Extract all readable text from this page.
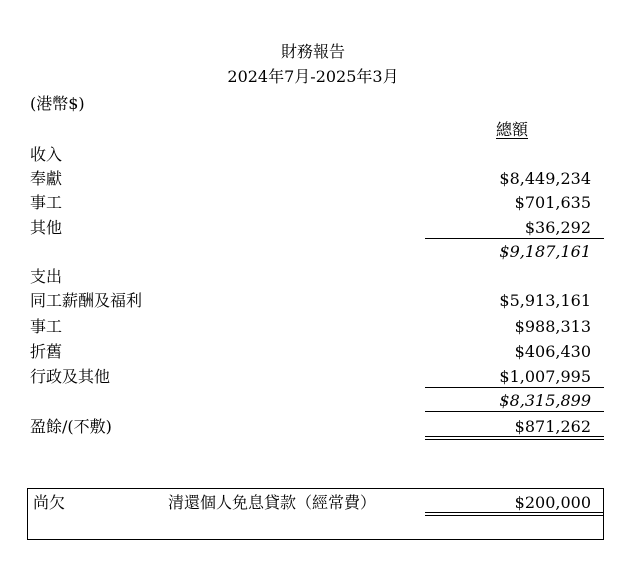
財務報告
2024年7月-2025年3月
(港幣$)
總額
收入
奉獻	$8,449,234
事工	$701,635
其他	$36,292
$9,187,161
支出
同工薪酬及福利	$5,913,161
事工	$988,313
折舊	$406,430
行政及其他	$1,007,995
$8,315,899
盈餘/(不敷)	$871,262
尚欠	清還個人免息貸款（經常費）	$200,000
